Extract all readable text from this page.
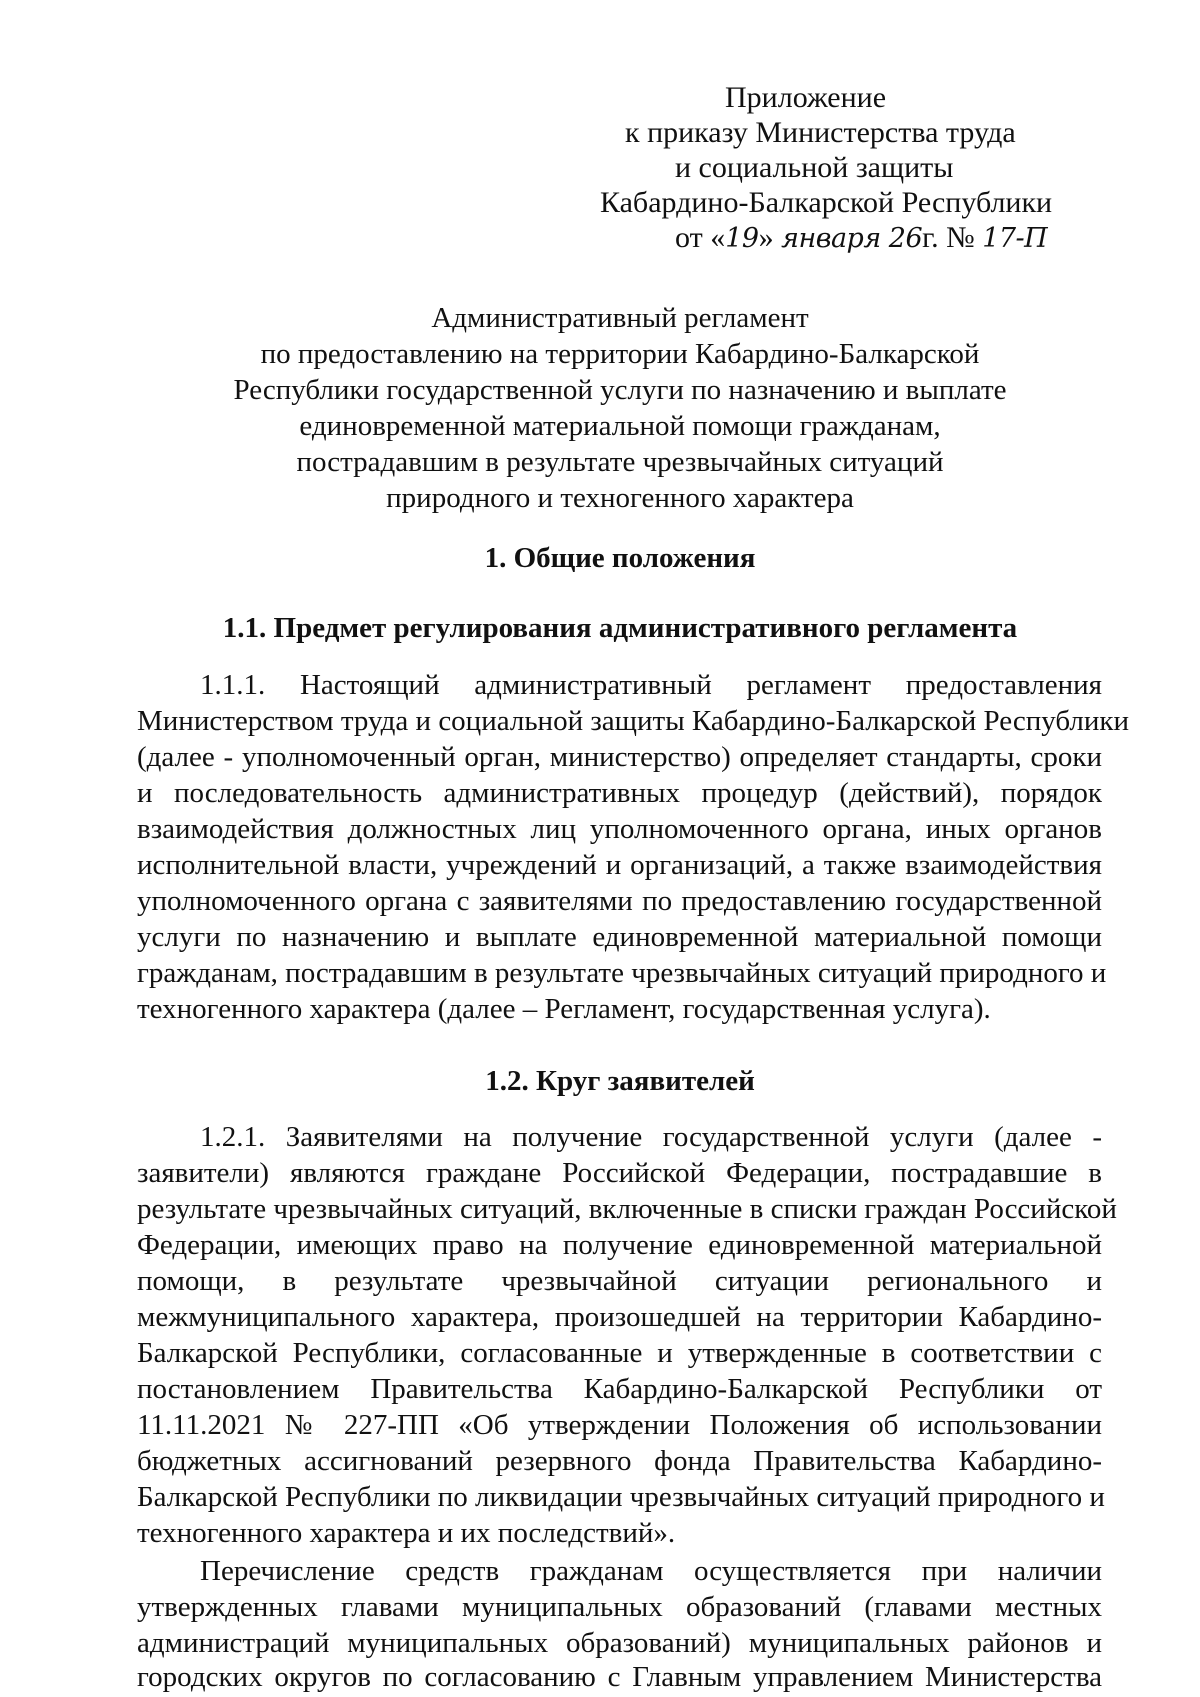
Приложение
к приказу Министерства труда
и социальной защиты
Кабардино-Балкарской Республики
от «19» января 26г. № 17-П
Административный регламент
по предоставлению на территории Кабардино-Балкарской
Республики государственной услуги по назначению и выплате
единовременной материальной помощи гражданам,
пострадавшим в результате чрезвычайных ситуаций
природного и техногенного характера
1. Общие положения
1.1. Предмет регулирования административного регламента
1.1.1. Настоящий административный регламент предоставления
Министерством труда и социальной защиты Кабардино-Балкарской Республики
(далее - уполномоченный орган, министерство) определяет стандарты, сроки
и последовательность административных процедур (действий), порядок
взаимодействия должностных лиц уполномоченного органа, иных органов
исполнительной власти, учреждений и организаций, а также взаимодействия
уполномоченного органа с заявителями по предоставлению государственной
услуги по назначению и выплате единовременной материальной помощи
гражданам, пострадавшим в результате чрезвычайных ситуаций природного и
техногенного характера (далее – Регламент, государственная услуга).
1.2. Круг заявителей
1.2.1. Заявителями на получение государственной услуги (далее -
заявители) являются граждане Российской Федерации, пострадавшие в
результате чрезвычайных ситуаций, включенные в списки граждан Российской
Федерации, имеющих право на получение единовременной материальной
помощи, в результате чрезвычайной ситуации регионального и
межмуниципального характера, произошедшей на территории Кабардино-
Балкарской Республики, согласованные и утвержденные в соответствии с
постановлением Правительства Кабардино-Балкарской Республики от
11.11.2021 № 227-ПП «Об утверждении Положения об использовании
бюджетных ассигнований резервного фонда Правительства Кабардино-
Балкарской Республики по ликвидации чрезвычайных ситуаций природного и
техногенного характера и их последствий».
Перечисление средств гражданам осуществляется при наличии
утвержденных главами муниципальных образований (главами местных
администраций муниципальных образований) муниципальных районов и
городских округов по согласованию с Главным управлением Министерства
